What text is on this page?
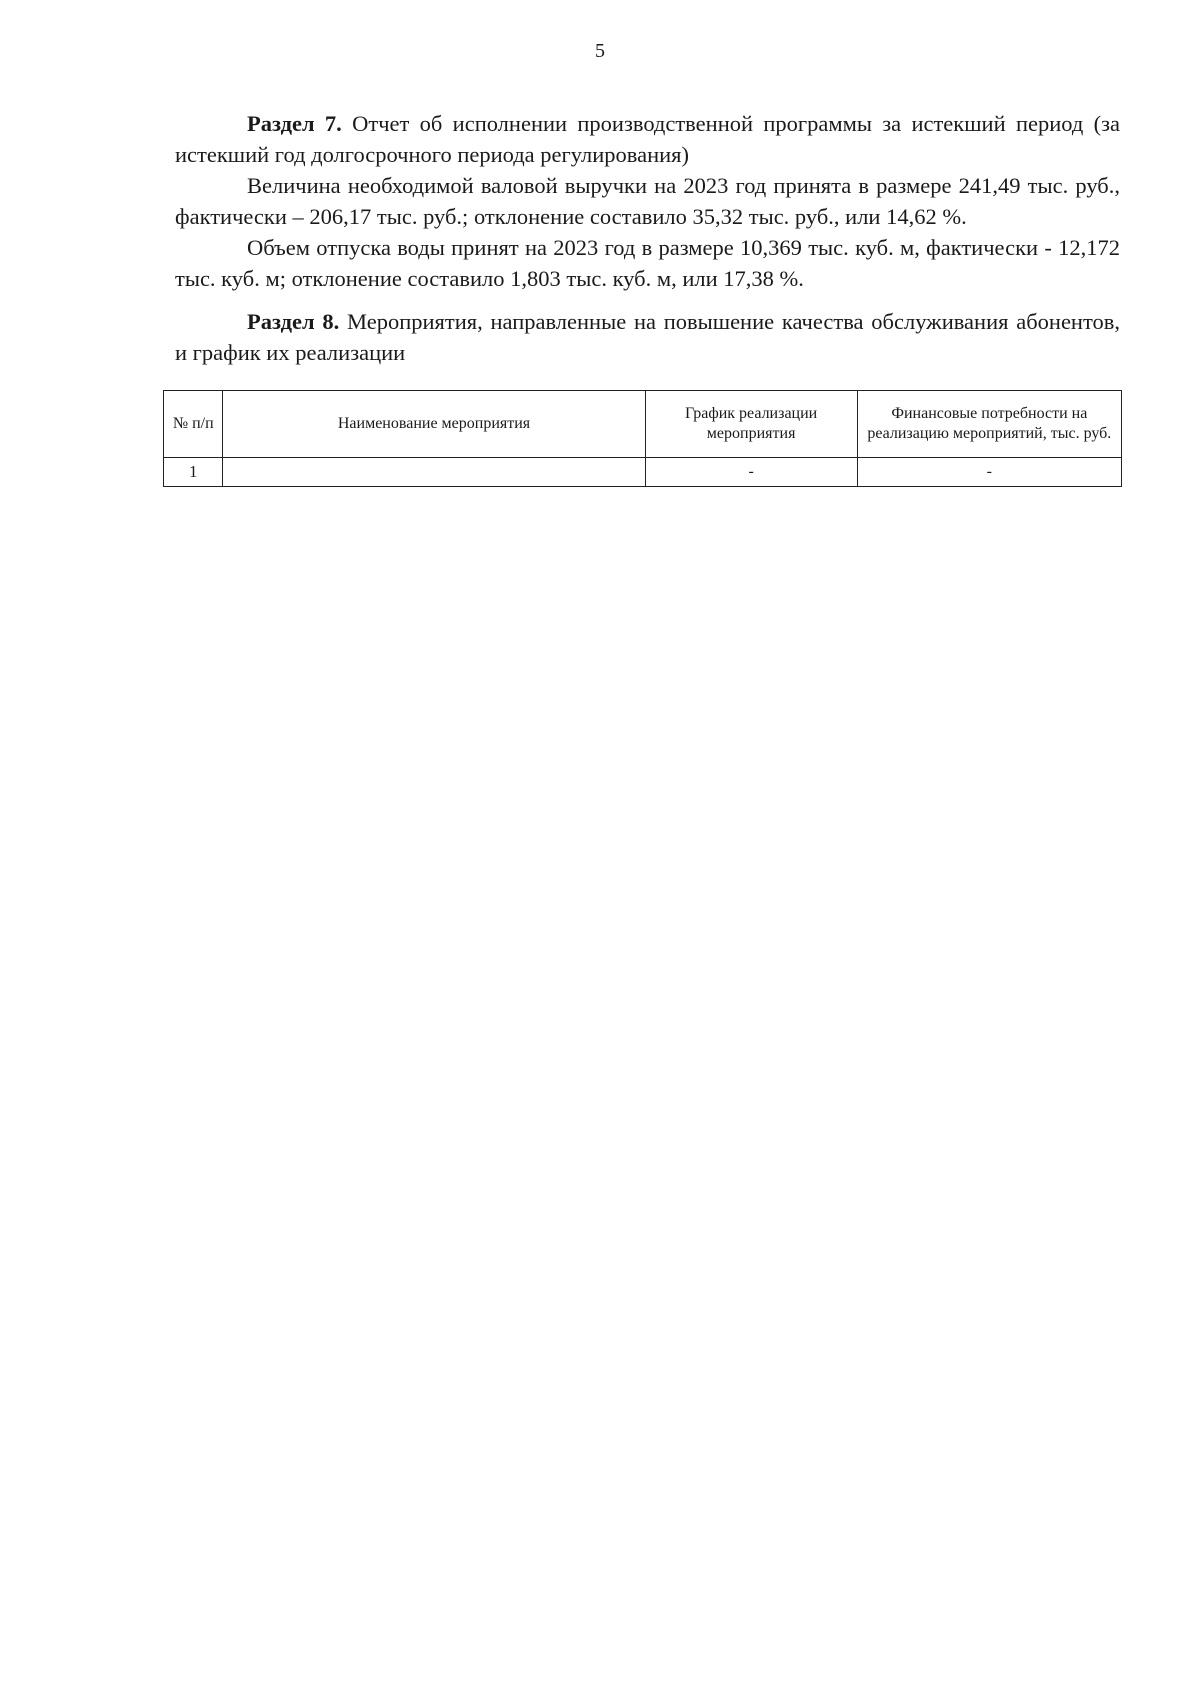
5

Раздел 7. Отчет об исполнении производственной программы за истекший период (за истекший год долгосрочного периода регулирования)

Величина необходимой валовой выручки на 2023 год принята в размере 241,49 тыс. руб., фактически – 206,17 тыс. руб.; отклонение составило 35,32 тыс. руб., или 14,62 %.

Объем отпуска воды принят на 2023 год в размере 10,369 тыс. куб. м, фактически - 12,172 тыс. куб. м; отклонение составило 1,803 тыс. куб. м, или 17,38 %.

Раздел 8. Мероприятия, направленные на повышение качества обслуживания абонентов, и график их реализации

№ п/п	Наименование мероприятия	График реализации мероприятия	Финансовые потребности на реализацию мероприятий, тыс. руб.
1		-	-
